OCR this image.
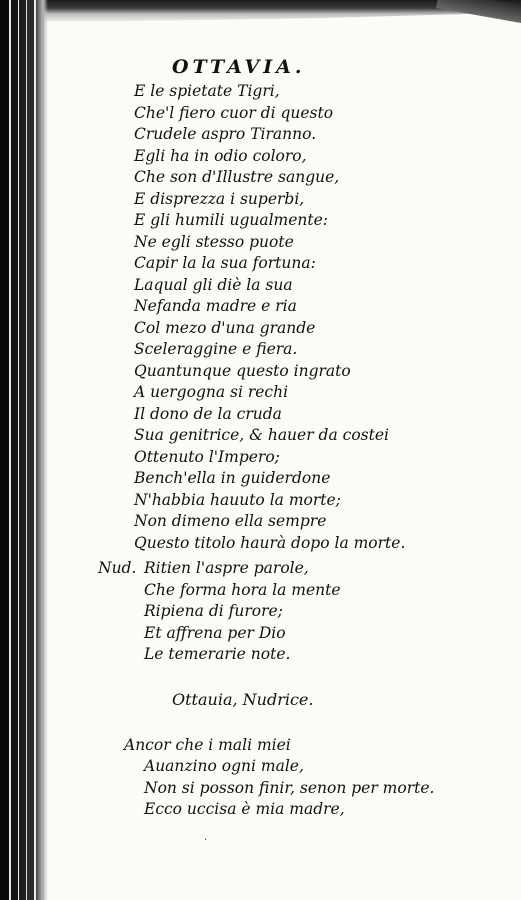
OTTAVIA.
E le spietate Tigri,
Che'l fiero cuor di questo
Crudele aspro Tiranno.
Egli ha in odio coloro,
Che son d'Illustre sangue,
E disprezza i superbi,
E gli humili ugualmente:
Ne egli stesso puote
Capir la la sua fortuna:
Laqual gli diè la sua
Nefanda madre e ria
Col mezo d'una grande
Sceleraggine e fiera.
Quantunque questo ingrato
A uergogna si rechi
Il dono de la cruda
Sua genitrice, & hauer da costei
Ottenuto l'Impero;
Bench'ella in guiderdone
N'habbia hauuto la morte;
Non dimeno ella sempre
Questo titolo haurà dopo la morte.
Nud. Ritien l'aspre parole,
Che forma hora la mente
Ripiena di furore;
Et affrena per Dio
Le temerarie note.
Ottauia, Nudrice.
Ancor che i mali miei
Auanzino ogni male,
Non si posson finir, senon per morte.
Ecco uccisa è mia madre,
.
